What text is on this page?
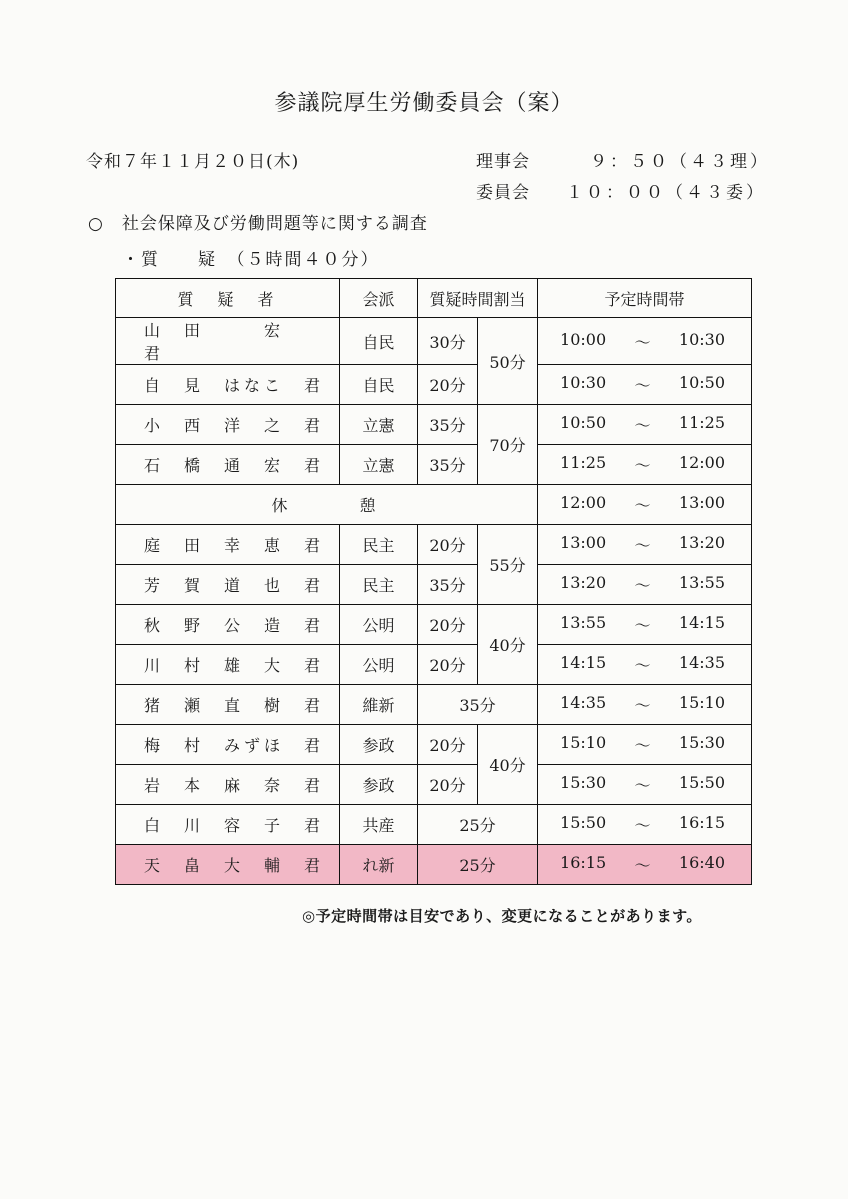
参議院厚生労働委員会（案）
令和７年１１月２０日(木)	理事会	９：５０（４３理）
委員会 １０：００（４３委）
○　社会保障及び労働問題等に関する調査
・質　　疑　（５時間４０分）
質　疑　者	会派	質疑時間割当		予定時間帯
山　田　　　宏　　君	自民	30分	50分	10:00 ～ 10:30

自　見　はなこ　君	自民	20分		10:30 ～ 10:50

小　西　洋　之　君	立憲	35分	70分	10:50 ～ 11:25

石　橋　通　宏　君	立憲	35分		11:25 ～ 12:00

休　　　憩				12:00 ～ 13:00

庭　田　幸　恵　君	民主	20分	55分	13:00 ～ 13:20

芳　賀　道　也　君	民主	35分		13:20 ～ 13:55

秋　野　公　造　君	公明	20分	40分	13:55 ～ 14:15

川　村　雄　大　君	公明	20分		14:15 ～ 14:35

猪　瀬　直　樹　君	維新	35分		14:35 ～ 15:10

梅　村　みずほ　君	参政	20分	40分	15:10 ～ 15:30

岩　本　麻　奈　君	参政	20分		15:30 ～ 15:50

白　川　容　子　君	共産	25分		15:50 ～ 16:15

天　畠　大　輔　君	れ新	25分		16:15 ～ 16:40
◎予定時間帯は目安であり、変更になることがあります。
